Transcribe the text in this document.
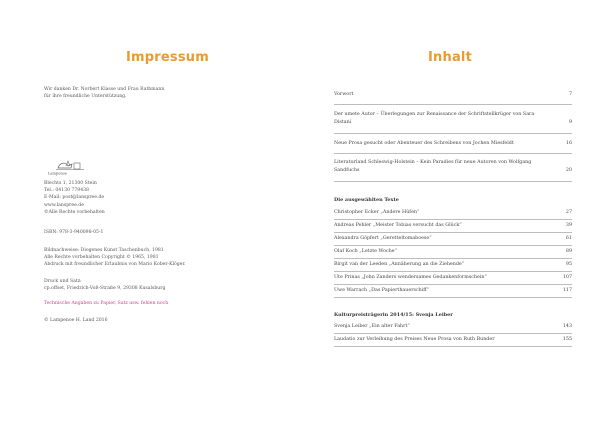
Impressum
Wir danken Dr. Norbert Klasse und Frau Rathmann
für ihre freundliche Unterstützung.
Lampenoe
Blechts 1, 21300 Stein
Tel.: 04130 779438
E-Mail: post@lanspree.de
www.lanspree.de
©Alle Rechte vorbehalten
ISBN: 978-3-940098-05-1
Bildnachweise: Diogenes Kunst Taschenbuch, 1981
Alle Rechte vorbehalten Copyright © 1965, 1981
Abdruck mit freundlicher Erlaubnis von Mario Kober-Klöger.
Druck und Satz:
cp.offset, Friedrich-Voß-Straße 9, 29308 Kusalsburg
Technische Angaben zu Papier, Satz usw. fehlen noch
© Lampenoe H. Land 2016
Inhalt
Vorwort	7
Der umete Autor – Überlegungen zur Renaissance der Schriftstellkrüger von Sara Distaní	9
Neue Prosa gesucht oder Abenteuer des Schreibens von Jochen Miesfeldt	16
Literaturland Schleswig-Holstein – Kein Paradies für neue Autoren von Wolfgang Sandfuchs	20
Die ausgewählten Texte
Christopher Ecker „Andere Hüfen“	27
Andreas Pehler „Meister Tobias versucht das Glück“	39
Alexandra Göpfert „Geretteltomaboese“	61
Olaf Koch „Letzte Woche“	89
Birgit van der Leeden „Annäherung an die Ziehende“	95
Ute Prinas „John Zanders wendersames Gedankenformschein“	107
Uwe Warrach „Das Papierthauerschiff“	117
Kulturpreisträgerin 2014/15: Svenja Leiber
Svenja Leiber „Ein alter Fahrt“	143
Laudatio zur Verleihung des Preises Neue Prosa von Ruth Bunder	155
